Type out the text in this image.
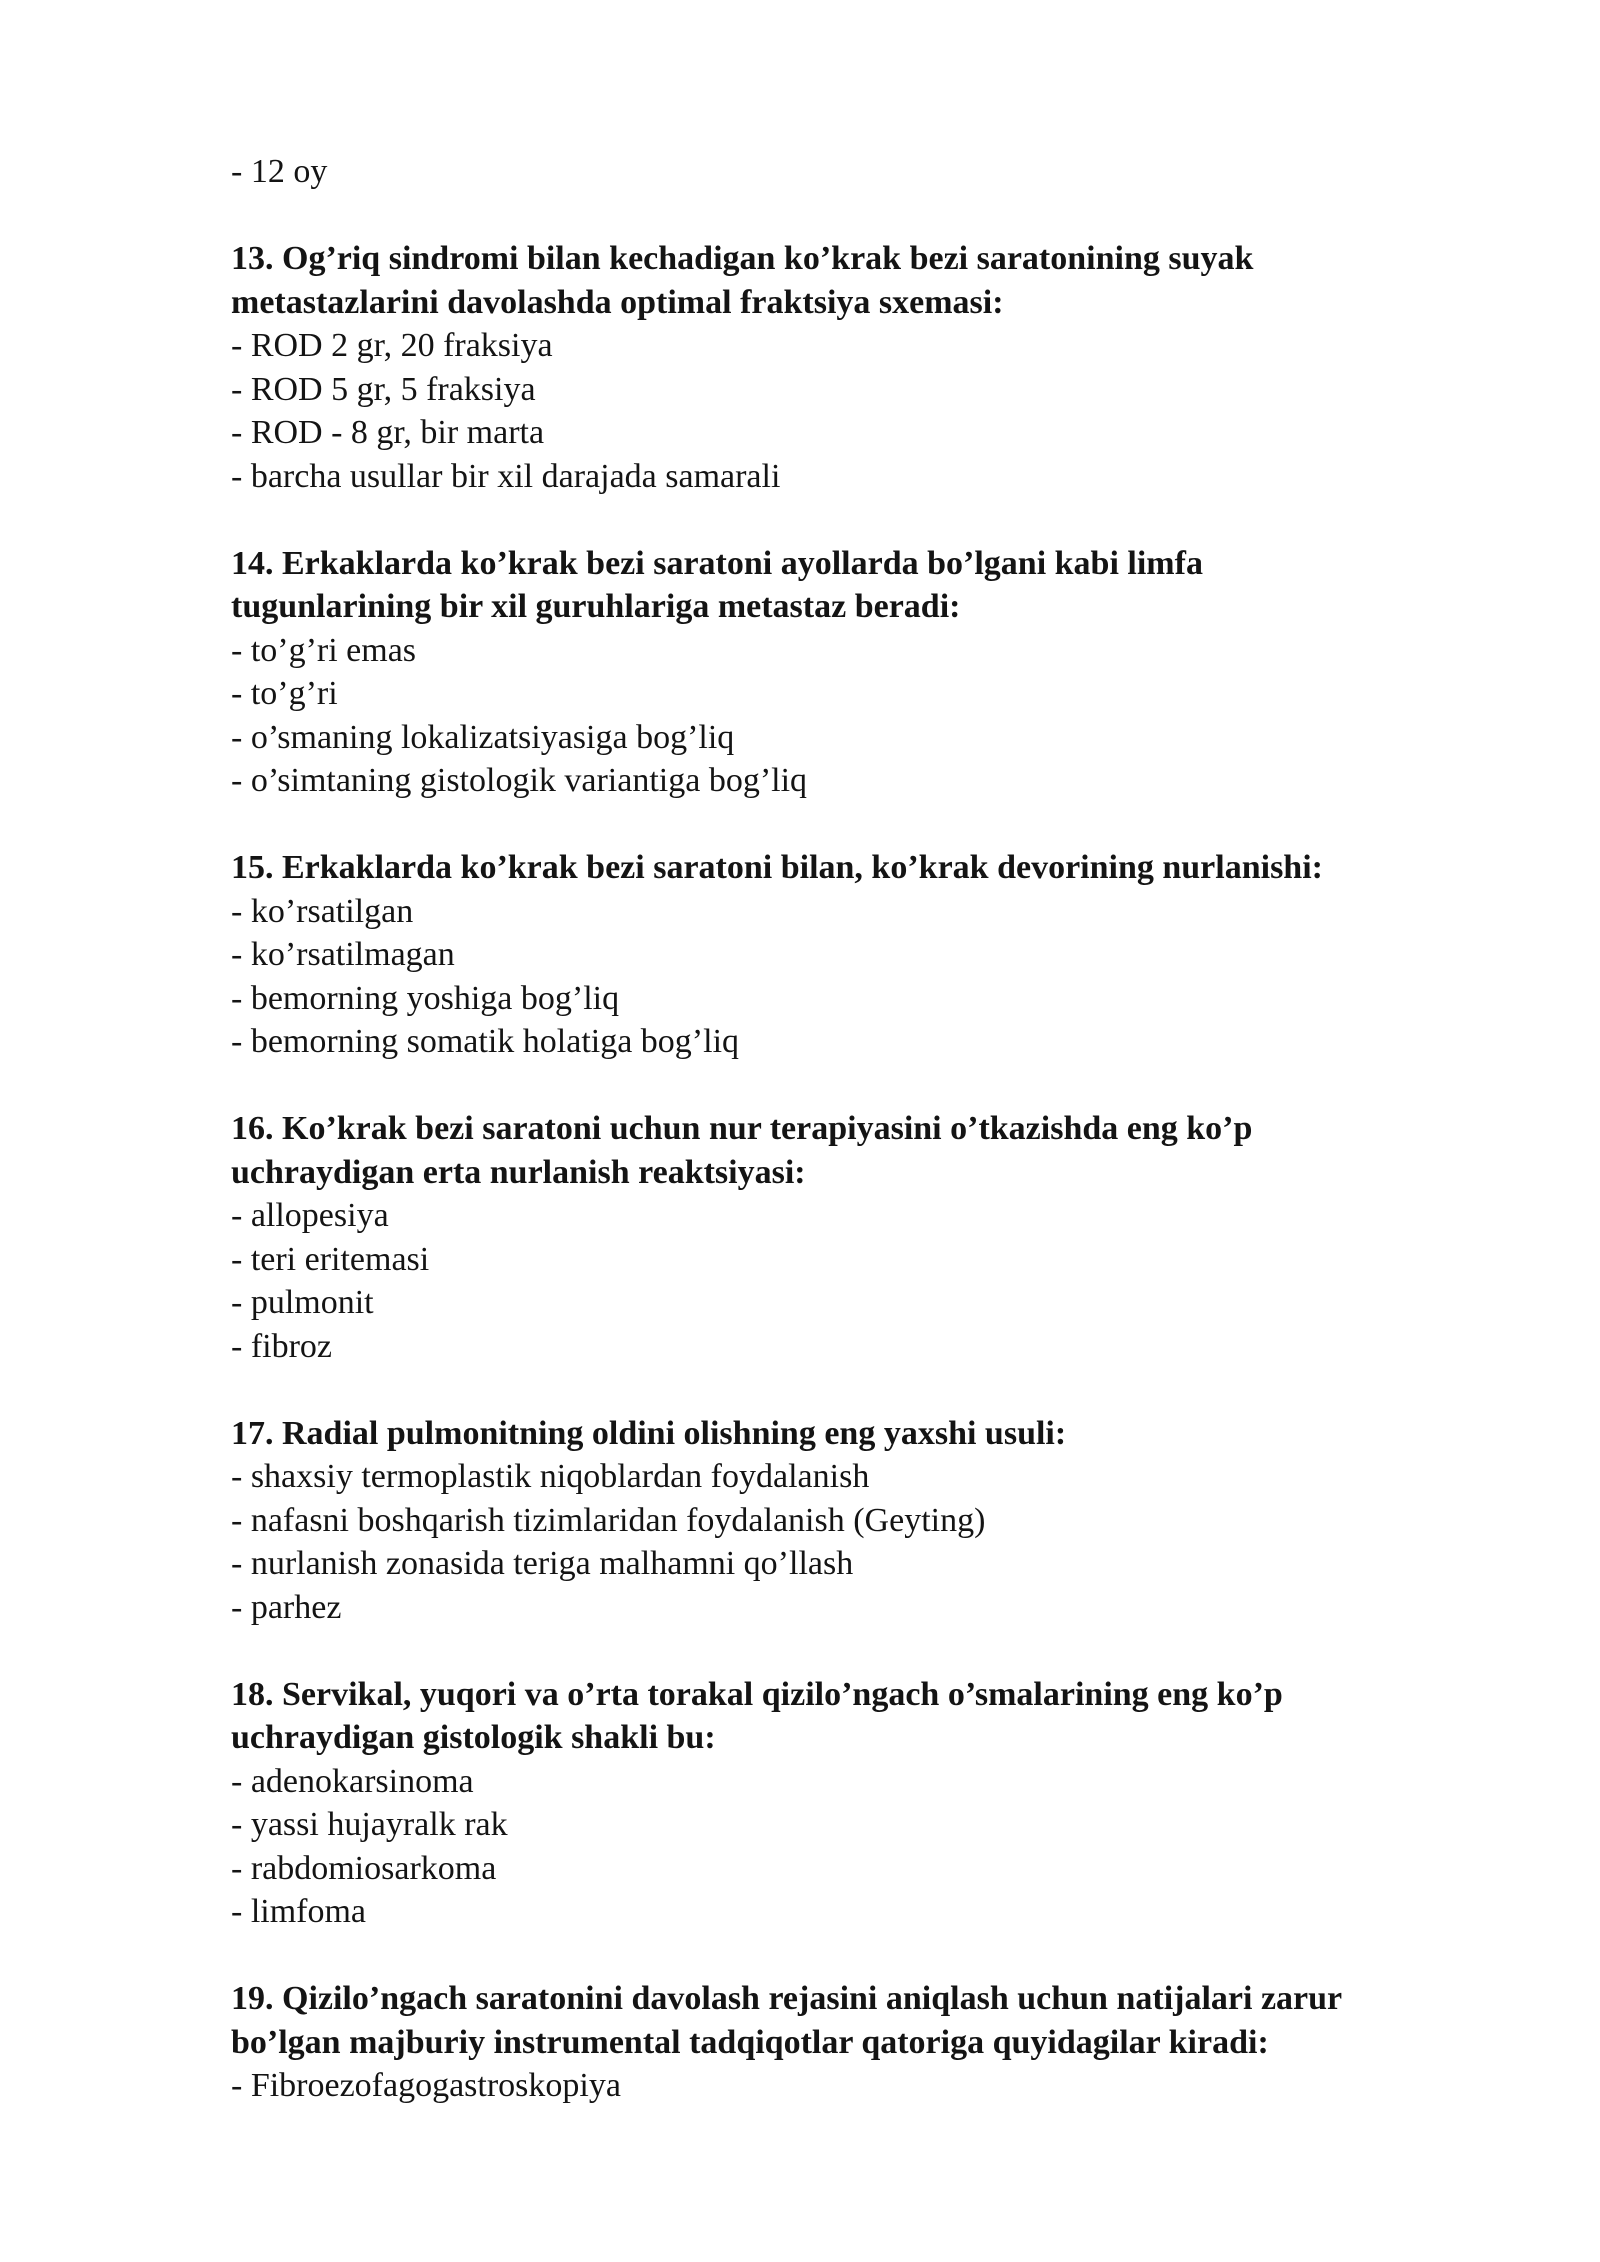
- 12 oy

13. Og’riq sindromi bilan kechadigan ko’krak bezi saratonining suyak
metastazlarini davolashda optimal fraktsiya sxemasi:

- ROD 2 gr, 20 fraksiya
- ROD 5 gr, 5 fraksiya
- ROD - 8 gr, bir marta
- barcha usullar bir xil darajada samarali

14. Erkaklarda ko’krak bezi saratoni ayollarda bo’lgani kabi limfa
tugunlarining bir xil guruhlariga metastaz beradi:

- to’g’ri emas
- to’g’ri
- o’smaning lokalizatsiyasiga bog’liq
- o’simtaning gistologik variantiga bog’liq

15. Erkaklarda ko’krak bezi saratoni bilan, ko’krak devorining nurlanishi:

- ko’rsatilgan
- ko’rsatilmagan
- bemorning yoshiga bog’liq
- bemorning somatik holatiga bog’liq

16. Ko’krak bezi saratoni uchun nur terapiyasini o’tkazishda eng ko’p
uchraydigan erta nurlanish reaktsiyasi:

- allopesiya
- teri eritemasi
- pulmonit
- fibroz

17. Radial pulmonitning oldini olishning eng yaxshi usuli:

- shaxsiy termoplastik niqoblardan foydalanish
- nafasni boshqarish tizimlaridan foydalanish (Geyting)
- nurlanish zonasida teriga malhamni qo’llash
- parhez

18. Servikal, yuqori va o’rta torakal qizilo’ngach o’smalarining eng ko’p
uchraydigan gistologik shakli bu:

- adenokarsinoma
- yassi hujayralk rak
- rabdomiosarkoma
- limfoma

19. Qizilo’ngach saratonini davolash rejasini aniqlash uchun natijalari zarur
bo’lgan majburiy instrumental tadqiqotlar qatoriga quyidagilar kiradi:

- Fibroezofagogastroskopiya
